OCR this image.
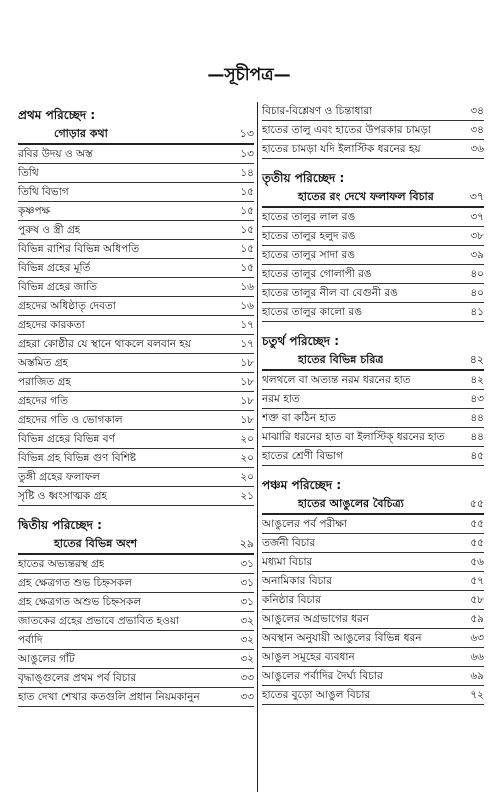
—সূচীপত্র—
প্রথম পরিচ্ছেদ :
গোড়ার কথা	১৩
রবির উদয় ও অস্ত	১৩
তিথি	১৪
তিথি বিভাগ	১৫
কৃষ্ণপক্ষ	১৫
পুরুষ ও স্ত্রী গ্রহ	১৫
বিভিন্ন রাশির বিভিন্ন অধিপতি	১৫
বিভিন্ন গ্রহের মূর্তি	১৫
বিভিন্ন গ্রহের জাতি	১৬
গ্রহদের অধিষ্ঠাতৃ দেবতা	১৬
গ্রহদের কারকতা	১৭
গ্রহরা কোষ্ঠীর যে স্থানে থাকলে বলবান হয়	১৭
অস্তমিত গ্রহ	১৮
পরাজিত গ্রহ	১৮
গ্রহদের গতি	১৮
গ্রহদের গতি ও ভোগকাল	১৮
বিভিন্ন গ্রহের বিভিন্ন বর্ণ	২০
বিভিন্ন গ্রহ বিভিন্ন গুণ বিশিষ্ট	২০
তুঙ্গী গ্রহের ফলাফল	২০
সৃষ্টি ও ধ্বংসাত্মক গ্রহ	২১
দ্বিতীয় পরিচ্ছেদ :
হাতের বিভিন্ন অংশ	২৯
হাতের অভ্যন্তরস্থ গ্রহ	৩১
গ্রহ ক্ষেত্রগত শুভ চিহ্নসকল	৩১
গ্রহ ক্ষেত্রগত অশুভ চিহ্নসকল	৩১
জাতকের গ্রহের প্রভাবে প্রভাবিত হওয়া	৩২
পর্বাদি	৩২
আঙুলের গাঁট	৩২
বৃদ্ধাঙ্গুলের প্রথম পর্ব বিচার	৩৩
হাত দেখা শেখার কতগুলি প্রধান নিয়মকানুন	৩৩
বিচার-বিশ্লেষণ ও চিন্তাধারা	৩৪
হাতের তালু এবং হাতের উপরকার চামড়া	৩৪
হাতের চামড়া যদি ইলাস্টিক ধরনের হয়	৩৬
তৃতীয় পরিচ্ছেদ :
হাতের রং দেখে ফলাফল বিচার	৩৭
হাতের তালুর লাল রঙ	৩৭
হাতের তালুর হলুদ রঙ	৩৮
হাতের তালুর সাদা রঙ	৩৯
হাতের তালুর গোলাপী রঙ	৪০
হাতের তালুর নীল বা বেগুনী রঙ	৪০
হাতের তালুর কালো রঙ	৪১
চতুর্থ পরিচ্ছেদ :
হাতের বিভিন্ন চরিত্র	৪২
থলথলে বা অত্যন্ত নরম ধরনের হাত	৪২
নরম হাত	৪৩
শক্ত বা কঠিন হাত	৪৪
মাঝারি ধরনের হাত বা ইলাস্টিক্ ধরনের হাত ৪৪
হাতের শ্রেণী বিভাগ	৪৫
পঞ্চম পরিচ্ছেদ :
হাতের আঙুলের বৈচিত্র্য	৫৫
আঙুলের পর্ব পরীক্ষা	৫৫
তর্জনী বিচার	৫৫
মধ্যমা বিচার	৫৬
অনামিকার বিচার	৫৭
কনিষ্ঠার বিচার	৫৮
আঙুলের অগ্রভাগের ধরন	৫৯
অবস্থান অনুযায়ী আঙুলের বিভিন্ন ধরন	৬৩
আঙুল সমূহের ব্যবধান	৬৬
আঙুলের পর্বাদির দৈর্ঘ্য বিচার	৬৯
হাতের বুড়ো আঙুল বিচার	৭২
